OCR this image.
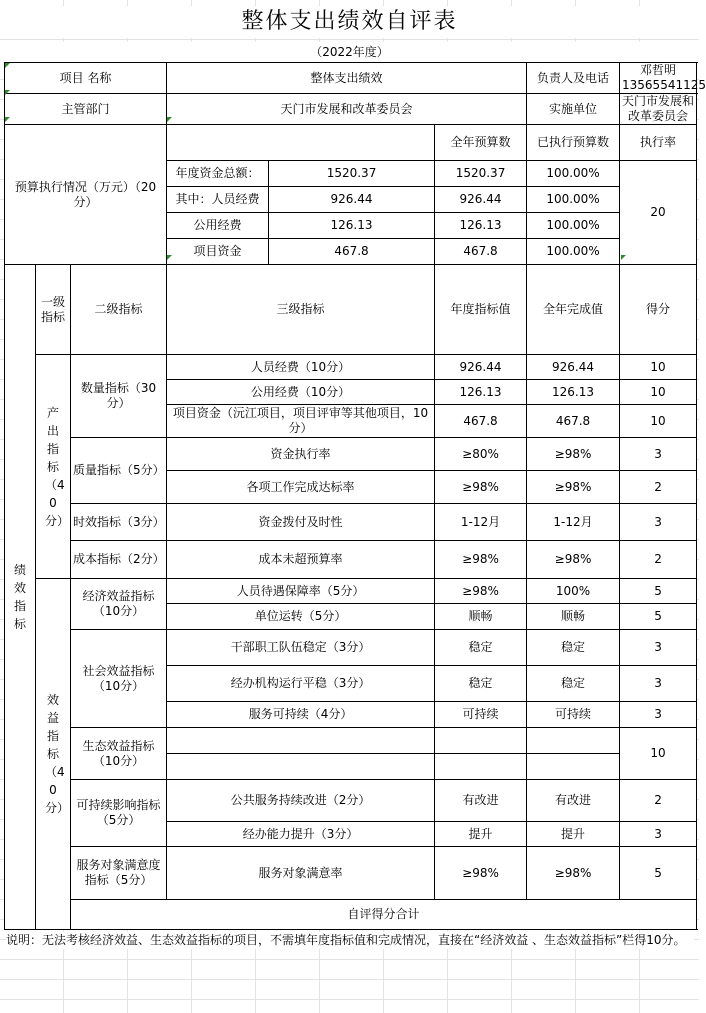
整体支出绩效自评表
（2022年度）
项目 名称			整体支出绩效			负责人及电话	邓哲明 13565541125	
主管部门			天门市发展和改革委员会			实施单位	天门市发展和改革委员会	
预算执行情况（万元）（20分）					全年预算数	已执行预算数	执行率	
			年度资金总额：	1520.37	1520.37	100.00%	20	
			其中：人员经费	926.44	926.44	100.00%		
			公用经费	126.13	126.13	100.00%		
			项目资金	467.8	467.8	100.00%		

绩效指标	一级指标	二级指标	三级指标		年度指标值	全年完成值	得分	

	产出指标（40分）	数量指标（30分）	人员经费（10分）		926.44	926.44	10	
			公用经费（10分）		126.13	126.13	10	
			项目资金（沅江项目，项目评审等其他项目，10分）		467.8	467.8	10	
		质量指标（5分）	资金执行率		≥80%	≥98%	3	
			各项工作完成达标率		≥98%	≥98%	2	
		时效指标（3分）	资金拨付及时性		1-12月	1-12月	3	
		成本指标（2分）	成本未超预算率		≥98%	≥98%	2	

	效益指标（40分）	经济效益指标（10分）	人员待遇保障率（5分）		≥98%	100%	5	
			单位运转（5分）		顺畅	顺畅	5	
		社会效益指标（10分）	干部职工队伍稳定（3分）		稳定	稳定	3	
			经办机构运行平稳（3分）		稳定	稳定	3	
			服务可持续（4分）		可持续	可持续	3	
		生态效益指标（10分）					10	

		可持续影响指标（5分）	公共服务持续改进（2分）		有改进	有改进	2	
			经办能力提升（3分）		提升	提升	3	
		服务对象满意度指标（5分）	服务对象满意率		≥98%	≥98%	5	
		自评得分合计	
说明：无法考核经济效益、生态效益指标的项目，不需填年度指标值和完成情况，直接在“经济效益 、生态效益指标”栏得10分。
